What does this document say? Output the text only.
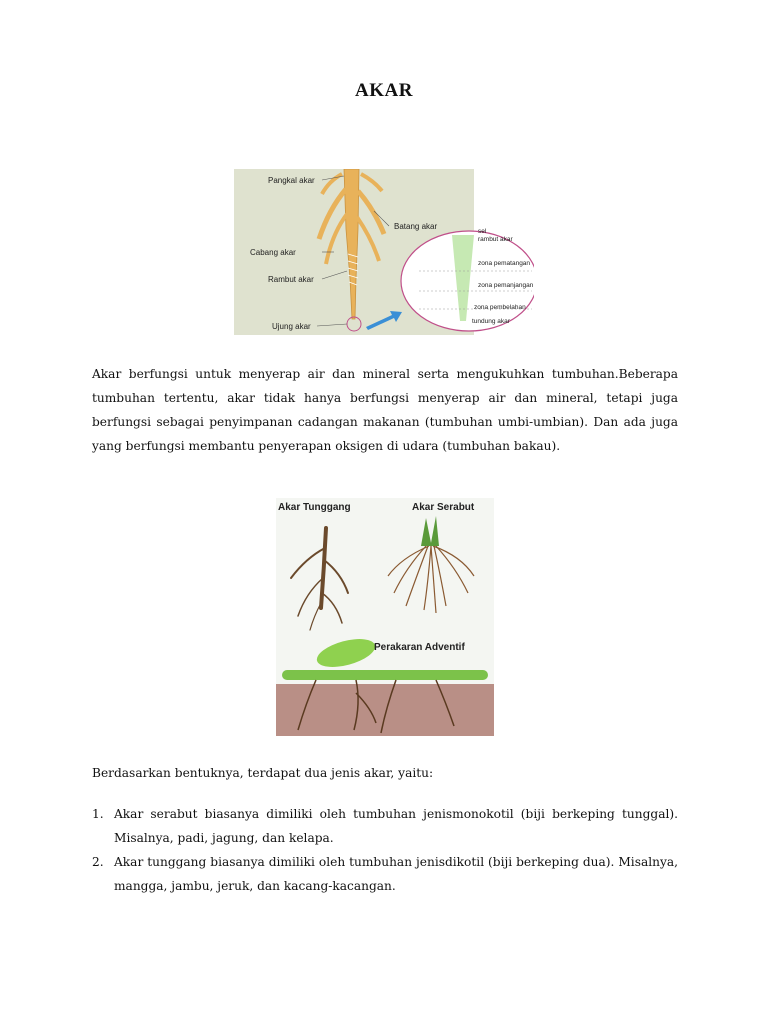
AKAR
Pangkal akar
Batang akar
Cabang akar
Rambut akar
Ujung akar
sel
rambut akar
zona pematangan
zona pemanjangan
zona pembelahan
tundung akar
Akar berfungsi untuk menyerap air dan mineral serta mengukuhkan tumbuhan.Beberapa tumbuhan tertentu, akar tidak hanya berfungsi menyerap air dan mineral, tetapi juga berfungsi sebagai penyimpanan cadangan makanan (tumbuhan umbi-umbian). Dan ada juga yang berfungsi membantu penyerapan oksigen di udara (tumbuhan bakau).
Akar Tunggang	Akar Serabut
Perakaran Adventif
Berdasarkan bentuknya, terdapat dua jenis akar, yaitu:
1. Akar serabut biasanya dimiliki oleh tumbuhan jenismonokotil (biji berkeping tunggal). Misalnya, padi, jagung, dan kelapa.
2. Akar tunggang biasanya dimiliki oleh tumbuhan jenisdikotil (biji berkeping dua). Misalnya, mangga, jambu, jeruk, dan kacang-kacangan.
